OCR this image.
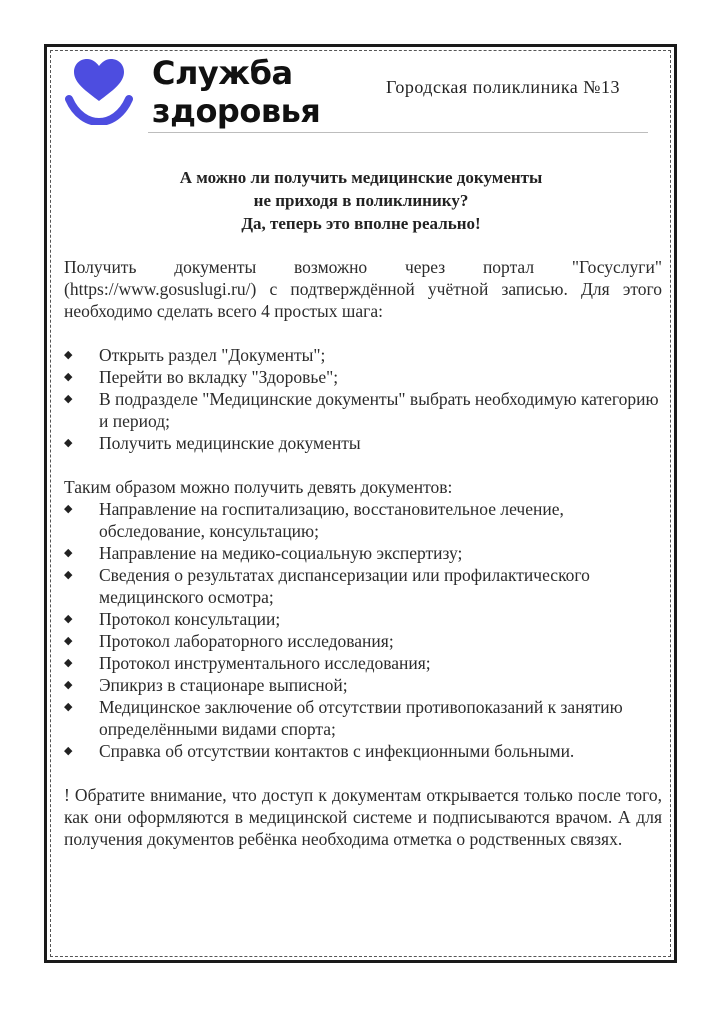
Служба
здоровья
Городская поликлиника №13
А можно ли получить медицинские документы
не приходя в поликлинику?
Да, теперь это вполне реально!

Получить документы возможно через портал "Госуслуги" (https://www.gosuslugi.ru/) с подтверждённой учётной записью. Для этого необходимо сделать всего 4 простых шага:

◆ Открыть раздел "Документы";
◆ Перейти во вкладку "Здоровье";
◆ В подразделе "Медицинские документы" выбрать необходимую категорию и период;
◆ Получить медицинские документы

Таким образом можно получить девять документов:

◆ Направление на госпитализацию, восстановительное лечение, обследование, консультацию;
◆ Направление на медико-социальную экспертизу;
◆ Сведения о результатах диспансеризации или профилактического медицинского осмотра;
◆ Протокол консультации;
◆ Протокол лабораторного исследования;
◆ Протокол инструментального исследования;
◆ Эпикриз в стационаре выписной;
◆ Медицинское заключение об отсутствии противопоказаний к занятию определёнными видами спорта;
◆ Справка об отсутствии контактов с инфекционными больными.

! Обратите внимание, что доступ к документам открывается только после того, как они оформляются в медицинской системе и подписываются врачом. А для получения документов ребёнка необходима отметка о родственных связях.
